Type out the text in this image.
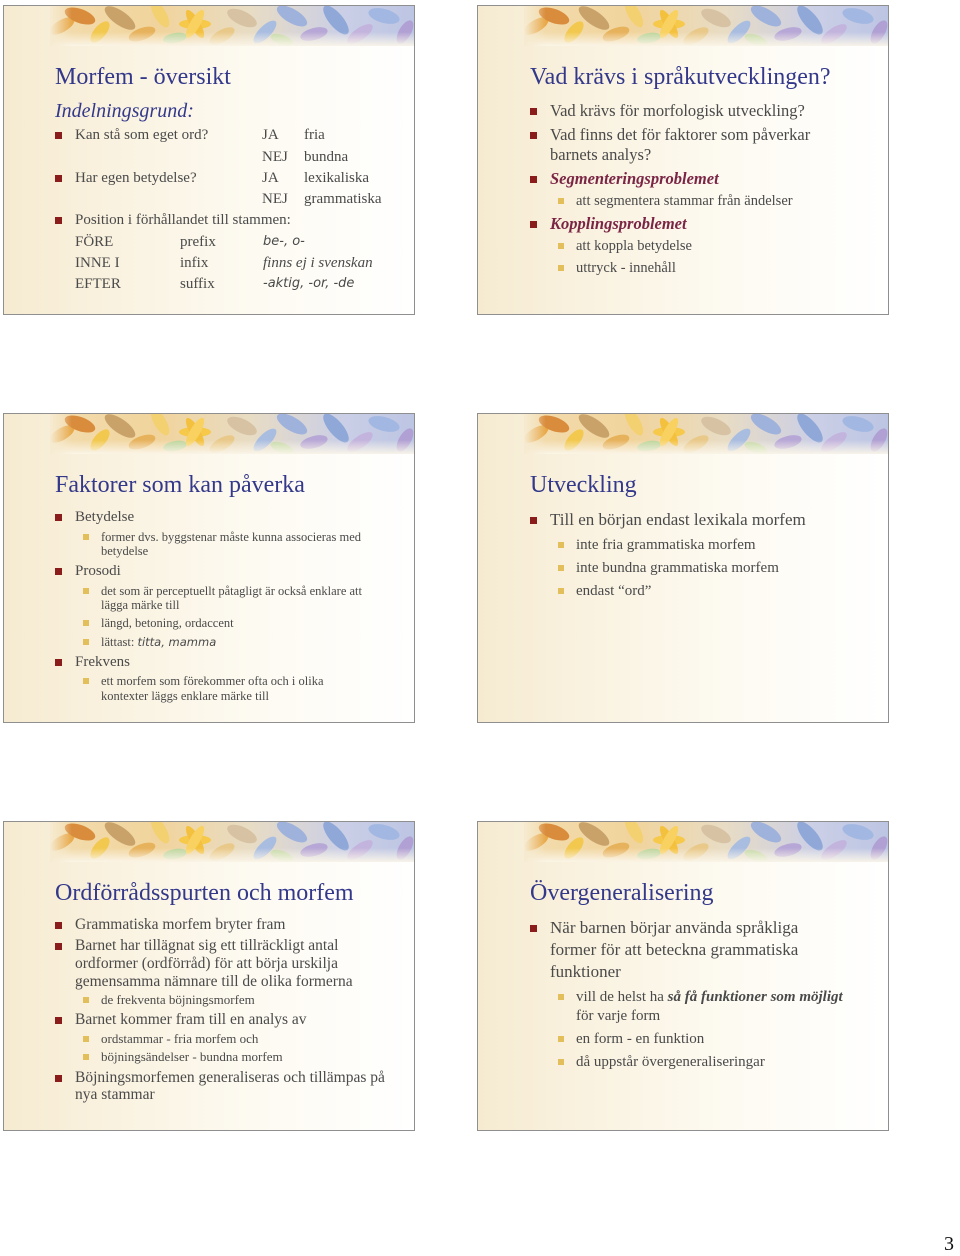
Morfem - översikt
Indelningsgrund:
Kan stå som eget ord?	JA fria
NEJ bundna
Har egen betydelse?	JA lexikaliska
NEJ grammatiska
Position i förhållandet till stammen:
FÖRE	prefix	be-, o-
INNE I	infix	finns ej i svenskan
EFTER	suffix	-aktig, -or, -de
Vad krävs i språkutvecklingen?
Vad krävs för morfologisk utveckling?
Vad finns det för faktorer som påverkar
barnets analys?
Segmenteringsproblemet
att segmentera stammar från ändelser
Kopplingsproblemet
att koppla betydelse
uttryck - innehåll
Faktorer som kan påverka
Betydelse
former dvs. byggstenar måste kunna associeras med
betydelse
Prosodi
det som är perceptuellt påtagligt är också enklare att
lägga märke till
längd, betoning, ordaccent
lättast: titta, mamma
Frekvens
ett morfem som förekommer ofta och i olika
kontexter läggs enklare märke till
Utveckling
Till en början endast lexikala morfem
inte fria grammatiska morfem
inte bundna grammatiska morfem
endast “ord”
Ordförrådsspurten och morfem
Grammatiska morfem bryter fram
Barnet har tillägnat sig ett tillräckligt antal
ordformer (ordförråd) för att börja urskilja
gemensamma nämnare till de olika formerna
de frekventa böjningsmorfem
Barnet kommer fram till en analys av
ordstammar - fria morfem och
böjningsändelser - bundna morfem
Böjningsmorfemen generaliseras och tillämpas på
nya stammar
Övergeneralisering
När barnen börjar använda språkliga
former för att beteckna grammatiska
funktioner
vill de helst ha så få funktioner som möjligt
för varje form
en form - en funktion
då uppstår övergeneraliseringar
3
